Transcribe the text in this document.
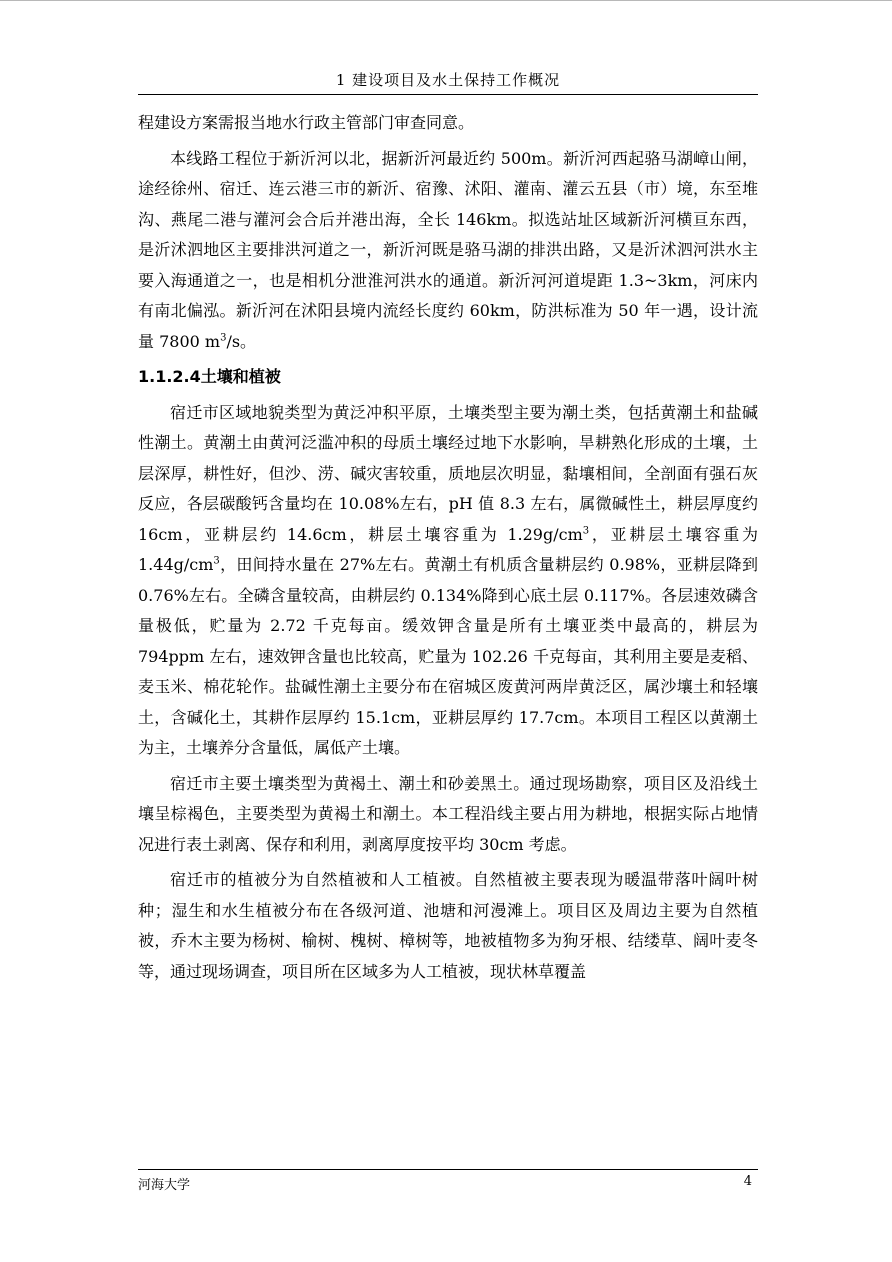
1 建设项目及水土保持工作概况

程建设方案需报当地水行政主管部门审查同意。

本线路工程位于新沂河以北，据新沂河最近约 500m。新沂河西起骆马湖嶂山闸，途经徐州、宿迁、连云港三市的新沂、宿豫、沭阳、灌南、灌云五县（市）境，东至堆沟、燕尾二港与灌河会合后并港出海，全长 146km。拟选站址区域新沂河横亘东西，是沂沭泗地区主要排洪河道之一，新沂河既是骆马湖的排洪出路，又是沂沭泗河洪水主要入海通道之一，也是相机分泄淮河洪水的通道。新沂河河道堤距 1.3~3km，河床内有南北偏泓。新沂河在沭阳县境内流经长度约 60km，防洪标准为 50 年一遇，设计流量 7800 $m^3/s$。

1.1.2.4土壤和植被

宿迁市区域地貌类型为黄泛冲积平原，土壤类型主要为潮土类，包括黄潮土和盐碱性潮土。黄潮土由黄河泛滥冲积的母质土壤经过地下水影响，旱耕熟化形成的土壤，土层深厚，耕性好，但沙、涝、碱灾害较重，质地层次明显，黏壤相间，全剖面有强石灰反应，各层碳酸钙含量均在 10.08%左右，pH 值 8.3 左右，属微碱性土，耕层厚度约 16cm，亚耕层约 14.6cm，耕层土壤容重为 $1.29g/cm^3$，亚耕层土壤容重为 $1.44g/cm^3$，田间持水量在 27%左右。黄潮土有机质含量耕层约 0.98%，亚耕层降到 0.76%左右。全磷含量较高，由耕层约 0.134%降到心底土层 0.117%。各层速效磷含量极低，贮量为 2.72 千克每亩。缓效钾含量是所有土壤亚类中最高的，耕层为 794ppm 左右，速效钾含量也比较高，贮量为 102.26 千克每亩，其利用主要是麦稻、麦玉米、棉花轮作。盐碱性潮土主要分布在宿城区废黄河两岸黄泛区，属沙壤土和轻壤土，含碱化土，其耕作层厚约 15.1cm，亚耕层厚约 17.7cm。本项目工程区以黄潮土为主，土壤养分含量低，属低产土壤。

宿迁市主要土壤类型为黄褐土、潮土和砂姜黑土。通过现场勘察，项目区及沿线土壤呈棕褐色，主要类型为黄褐土和潮土。本工程沿线主要占用为耕地，根据实际占地情况进行表土剥离、保存和利用，剥离厚度按平均 30cm 考虑。

宿迁市的植被分为自然植被和人工植被。自然植被主要表现为暖温带落叶阔叶树种；湿生和水生植被分布在各级河道、池塘和河漫滩上。项目区及周边主要为自然植被，乔木主要为杨树、榆树、槐树、樟树等，地被植物多为狗牙根、结缕草、阔叶麦冬等，通过现场调查，项目所在区域多为人工植被，现状林草覆盖

河海大学	4
